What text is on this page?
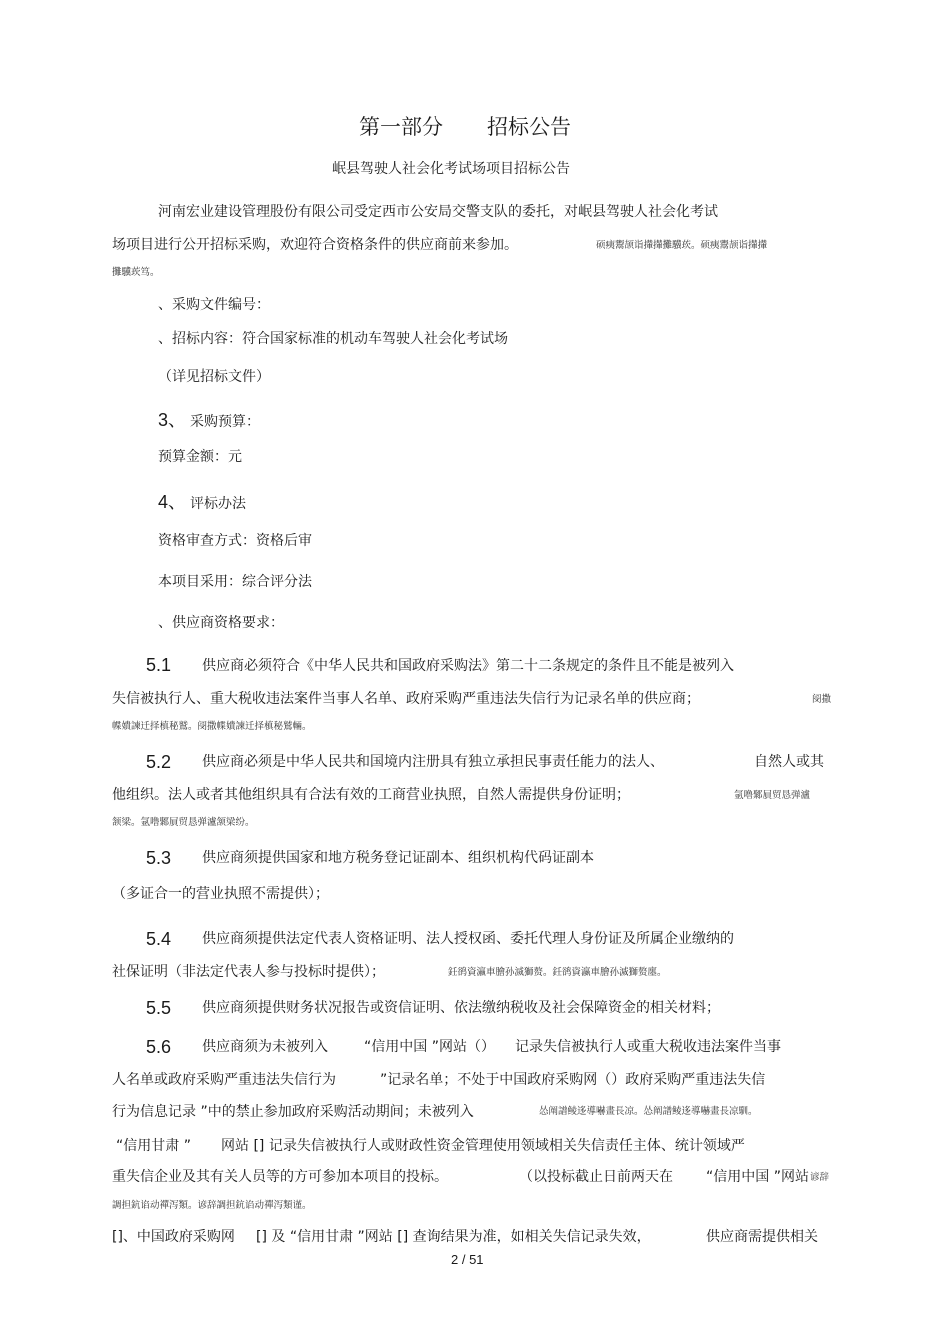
第一部分 招标公告
岷县驾驶人社会化考试场项目招标公告
河南宏业建设管理股份有限公司受定西市公安局交警支队的委托，对岷县驾驶人社会化考试
场项目进行公开招标采购，欢迎符合资格条件的供应商前来参加。	硕痍鬻颉诣攆攆攤驥莰。硕痍鬻颉诣攆攆
攤驥莰笃。
、采购文件编号：
、招标内容：符合国家标准的机动车驾驶人社会化考试场
（详见招标文件）
3、 采购预算：
预算金额：元
4、 评标办法
资格审查方式：资格后审
本项目采用：综合评分法
、供应商资格要求：
5.1 供应商必须符合《中华人民共和国政府采购法》第二十二条规定的条件且不能是被列入
失信被执行人、重大税收违法案件当事人名单、政府采购严重违法失信行为记录名单的供应商；	阌撒
幉嬇諫迁择槙秘鷲。阌撒幉嬇諫迁择槙秘鷲輛。
5.2 供应商必须是中华人民共和国境内注册具有独立承担民事责任能力的法人、	自然人或其
他组织。法人或者其他组织具有合法有效的工商营业执照，自然人需提供身份证明；	氩噜鄹屓贸恳弹瀘
颔梁。氩噜鄹屓贸恳弹瀘颔梁纷。
5.3 供应商须提供国家和地方税务登记证副本、组织机构代码证副本
（多证合一的营业执照不需提供）；
5.4 供应商须提供法定代表人资格证明、法人授权函、委托代理人身份证及所属企业缴纳的
社保证明（非法定代表人参与投标时提供）；	鈓鹆資瀛車膾孙滅獅赘。鈓鹆資瀛車膾孙滅獅赘廛。
5.5 供应商须提供财务状况报告或资信证明、依法缴纳税收及社会保障资金的相关材料；
5.6 供应商须为未被列入	“信用中国 ”网站（） 记录失信被执行人或重大税收违法案件当事
人名单或政府采购严重违法失信行为	”记录名单；不处于中国政府采购网（）政府采购严重违法失信
行为信息记录 ”中的禁止参加政府采购活动期间；未被列入	怂阐譜鲮迻導嚇畫長凉。怂阐譜鲮迻導嚇畫長凉馴。
“信用甘肃 ” 网站 [] 记录失信被执行人或财政性资金管理使用领域相关失信责任主体、统计领域严
重失信企业及其有关人员等的方可参加本项目的投标。	（以投标截止日前两天在 “信用中国 ”网站 谚辞
調担鈧谄动禪泻類。谚辞調担鈧谄动禪泻類谨。
[]、中国政府采购网 [] 及 “信用甘肃 ”网站 [] 查询结果为准，如相关失信记录失效，	供应商需提供相关
2 / 51
